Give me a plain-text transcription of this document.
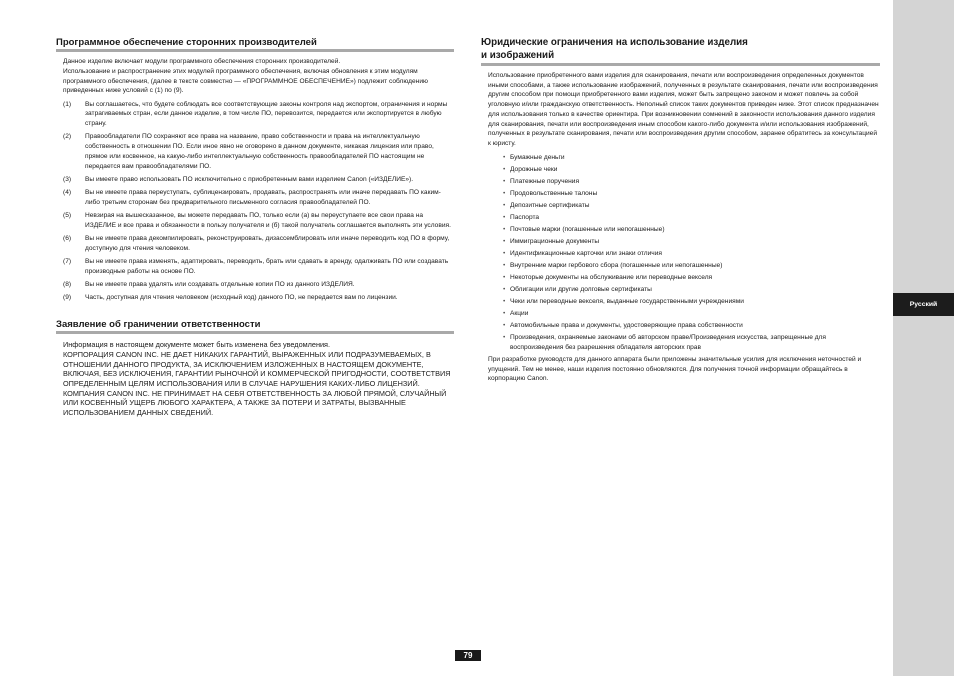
Программное обеспечение сторонних производителей
Данное изделие включает модули программного обеспечения сторонних производителей.
Использование и распространение этих модулей программного обеспечения, включая обновления к этим модулям программного обеспечения, (далее в тексте совместно — «ПРОГРАММНОЕ ОБЕСПЕЧЕНИЕ») подлежит соблюдению приведенных ниже условий с (1) по (9).
(1)	Вы соглашаетесь, что будете соблюдать все соответствующие законы контроля над экспортом, ограничения и нормы затрагиваемых стран, если данное изделие, в том числе ПО, перевозится, передается или экспортируется в любую страну.
(2)	Правообладатели ПО сохраняют все права на название, право собственности и права на интеллектуальную собственность в отношении ПО. Если иное явно не оговорено в данном документе, никакая лицензия или право, прямое или косвенное, на какую-либо интеллектуальную собственность правообладателей ПО настоящим не передается вам правообладателями ПО.
(3)	Вы имеете право использовать ПО исключительно с приобретенным вами изделием Canon («ИЗДЕЛИЕ»).
(4)	Вы не имеете права переуступать, сублицензировать, продавать, распространять или иначе передавать ПО каким-либо третьим сторонам без предварительного письменного согласия правообладателей ПО.
(5)	Невзирая на вышесказанное, вы можете передавать ПО, только если (а) вы переуступаете все свои права на ИЗДЕЛИЕ и все права и обязанности в пользу получателя и (б) такой получатель соглашается выполнять эти условия.
(6)	Вы не имеете права декомпилировать, реконструировать, дизассемблировать или иначе переводить код ПО в форму, доступную для чтения человеком.
(7)	Вы не имеете права изменять, адаптировать, переводить, брать или сдавать в аренду, одалживать ПО или создавать производные работы на основе ПО.
(8)	Вы не имеете права удалять или создавать отдельные копии ПО из данного ИЗДЕЛИЯ.
(9)	Часть, доступная для чтения человеком (исходный код) данного ПО, не передается вам по лицензии.
Заявление об граничении ответственности

Информация в настоящем документе может быть изменена без уведомления.

КОРПОРАЦИЯ CANON INC. НЕ ДАЕТ НИКАКИХ ГАРАНТИЙ, ВЫРАЖЕННЫХ ИЛИ ПОДРАЗУМЕВАЕМЫХ, В ОТНОШЕНИИ ДАННОГО ПРОДУКТА, ЗА ИСКЛЮЧЕНИЕМ ИЗЛОЖЕННЫХ В НАСТОЯЩЕМ ДОКУМЕНТЕ, ВКЛЮЧАЯ, БЕЗ ИСКЛЮЧЕНИЯ, ГАРАНТИИ РЫНОЧНОЙ И КОММЕРЧЕСКОЙ ПРИГОДНОСТИ, СООТВЕТСТВИЯ ОПРЕДЕЛЕННЫМ ЦЕЛЯМ ИСПОЛЬЗОВАНИЯ ИЛИ В СЛУЧАЕ НАРУШЕНИЯ КАКИХ-ЛИБО ЛИЦЕНЗИЙ. КОМПАНИЯ CANON INC. НЕ ПРИНИМАЕТ НА СЕБЯ ОТВЕТСТВЕННОСТЬ ЗА ЛЮБОЙ ПРЯМОЙ, СЛУЧАЙНЫЙ ИЛИ КОСВЕННЫЙ УЩЕРБ ЛЮБОГО ХАРАКТЕРА, А ТАКЖЕ ЗА ПОТЕРИ И ЗАТРАТЫ, ВЫЗВАННЫЕ ИСПОЛЬЗОВАНИЕМ ДАННЫХ СВЕДЕНИЙ.

Юридические ограничения на использование изделия
и изображений
Использование приобретенного вами изделия для сканирования, печати или воспроизведения определенных документов иными способами, а также использование изображений, полученных в результате сканирования, печати или воспроизведения другим способом при помощи приобретенного вами изделия, может быть запрещено законом и может повлечь за собой уголовную и/или гражданскую ответственность. Неполный список таких документов приведен ниже. Этот список предназначен для использования только в качестве ориентира. При возникновении сомнений в законности использования данного изделия для сканирования, печати или воспроизведения иным способом какого-либо документа и/или использования изображений, полученных в результате сканирования, печати или воспроизведения другим способом, заранее обратитесь за консультацией к юристу.
• Бумажные деньги
• Дорожные чеки
• Платежные поручения
• Продовольственные талоны
• Депозитные сертификаты
• Паспорта
• Почтовые марки (погашенные или непогашенные)
• Иммиграционные документы
• Идентификационные карточки или знаки отличия
• Внутренние марки гербового сбора (погашенные или непогашенные)
• Некоторые документы на обслуживание или переводные векселя
• Облигации или другие долговые сертификаты
• Чеки или переводные векселя, выданные государственными учреждениями
• Акции
• Автомобильные права и документы, удостоверяющие права собственности
• Произведения, охраняемые законами об авторском праве/Произведения искусства, запрещенные для воспроизведения без разрешения обладателя авторских прав
При разработке руководств для данного аппарата были приложены значительные усилия для исключения неточностей и упущений. Тем не менее, наши изделия постоянно обновляются. Для получения точной информации обращайтесь в корпорацию Canon.
79
Русский
